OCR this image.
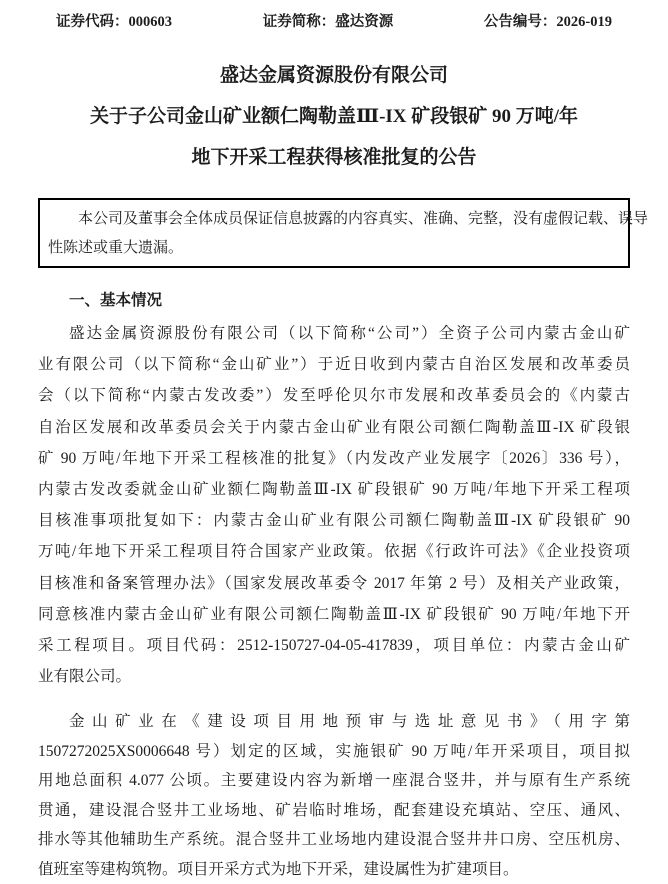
证券代码：000603	证券简称：盛达资源	公告编号：2026-019
盛达金属资源股份有限公司
关于子公司金山矿业额仁陶勒盖Ⅲ-IX 矿段银矿 90 万吨/年
地下开采工程获得核准批复的公告
本公司及董事会全体成员保证信息披露的内容真实、准确、完整，没有虚假记载、误导
性陈述或重大遗漏。
一、基本情况
盛达金属资源股份有限公司（以下简称“公司”）全资子公司内蒙古金山矿
业有限公司（以下简称“金山矿业”）于近日收到内蒙古自治区发展和改革委员
会（以下简称“内蒙古发改委”）发至呼伦贝尔市发展和改革委员会的《内蒙古
自治区发展和改革委员会关于内蒙古金山矿业有限公司额仁陶勒盖Ⅲ-IX 矿段银
矿 90 万吨/年地下开采工程核准的批复》（内发改产业发展字〔2026〕336 号），
内蒙古发改委就金山矿业额仁陶勒盖Ⅲ-IX 矿段银矿 90 万吨/年地下开采工程项
目核准事项批复如下：内蒙古金山矿业有限公司额仁陶勒盖Ⅲ-IX 矿段银矿 90
万吨/年地下开采工程项目符合国家产业政策。依据《行政许可法》《企业投资项
目核准和备案管理办法》（国家发展改革委令 2017 年第 2 号）及相关产业政策，
同意核准内蒙古金山矿业有限公司额仁陶勒盖Ⅲ-IX 矿段银矿 90 万吨/年地下开
采工程项目。项目代码：2512-150727-04-05-417839，项目单位：内蒙古金山矿
业有限公司。
金山矿业在《建设项目用地预审与选址意见书》（用字第
1507272025XS0006648 号）划定的区域，实施银矿 90 万吨/年开采项目，项目拟
用地总面积 4.077 公顷。主要建设内容为新增一座混合竖井，并与原有生产系统
贯通，建设混合竖井工业场地、矿岩临时堆场，配套建设充填站、空压、通风、
排水等其他辅助生产系统。混合竖井工业场地内建设混合竖井井口房、空压机房、
值班室等建构筑物。项目开采方式为地下开采，建设属性为扩建项目。
